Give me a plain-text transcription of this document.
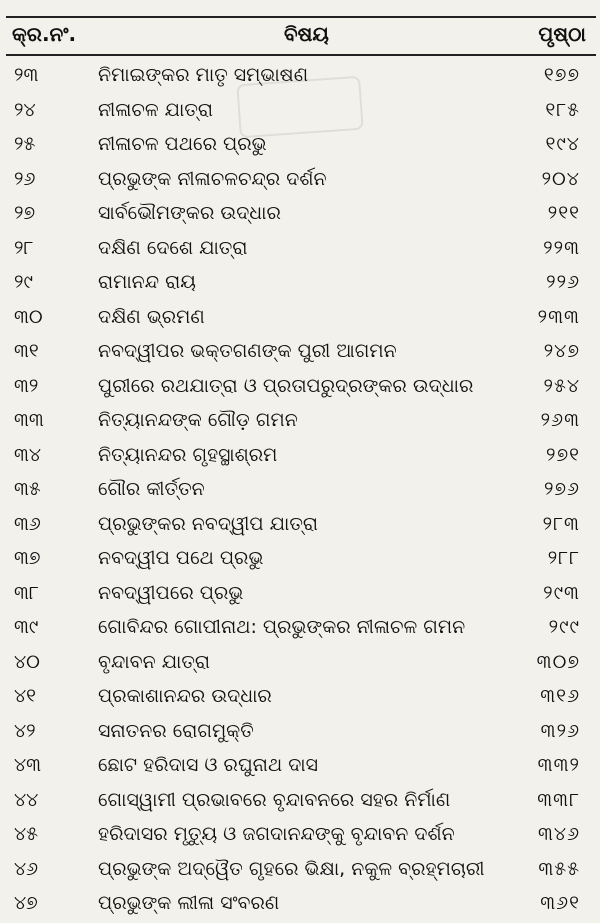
କ୍ର.ନଂ.	ବିଷୟ	ପୃଷ୍ଠା
୨୩	ନିମାଇଙ୍କର ମାତୃ ସମ୍ଭାଷଣ	୧୭୭
୨୪	ନୀଳାଚଳ ଯାତ୍ରା	୧୮୫
୨୫	ନୀଳାଚଳ ପଥରେ ପ୍ରଭୁ	୧୯୪
୨୬	ପ୍ରଭୁଙ୍କ ନୀଳାଚଳଚନ୍ଦ୍ର ଦର୍ଶନ	୨୦୪
୨୭	ସାର୍ବଭୌମଙ୍କର ଉଦ୍ଧାର	୨୧୧
୨୮	ଦକ୍ଷିଣ ଦେଶେ ଯାତ୍ରା	୨୨୩
୨୯	ରାମାନନ୍ଦ ରାୟ	୨୨୬
୩୦	ଦକ୍ଷିଣ ଭ୍ରମଣ	୨୩୩
୩୧	ନବଦ୍ୱୀପର ଭକ୍ତଗଣଙ୍କ ପୁରୀ ଆଗମନ	୨୪୭
୩୨	ପୁରୀରେ ରଥଯାତ୍ରା ଓ ପ୍ରତାପରୁଦ୍ରଙ୍କର ଉଦ୍ଧାର	୨୫୪
୩୩	ନିତ୍ୟାନନ୍ଦଙ୍କ ଗୌଡ଼ ଗମନ	୨୬୩
୩୪	ନିତ୍ୟାନନ୍ଦର ଗୃହସ୍ଥାଶ୍ରମ	୨୭୧
୩୫	ଗୌର କୀର୍ତ୍ତନ	୨୭୬
୩୬	ପ୍ରଭୁଙ୍କର ନବଦ୍ୱୀପ ଯାତ୍ରା	୨୮୩
୩୭	ନବଦ୍ୱୀପ ପଥେ ପ୍ରଭୁ	୨୮୮
୩୮	ନବଦ୍ୱୀପରେ ପ୍ରଭୁ	୨୯୩
୩୯	ଗୋବିନ୍ଦର ଗୋପୀନାଥ: ପ୍ରଭୁଙ୍କର ନୀଳାଚଳ ଗମନ	୨୯୯
୪୦	ବୃନ୍ଦାବନ ଯାତ୍ରା	୩୦୭
୪୧	ପ୍ରକାଶାନନ୍ଦର ଉଦ୍ଧାର	୩୧୬
୪୨	ସନାତନର ରୋଗମୁକ୍ତି	୩୨୬
୪୩	ଛୋଟ ହରିଦାସ ଓ ରଘୁନାଥ ଦାସ	୩୩୨
୪୪	ଗୋସ୍ୱାମୀ ପ୍ରଭାବରେ ବୃନ୍ଦାବନରେ ସହର ନିର୍ମାଣ	୩୩୮
୪୫	ହରିଦାସର ମୃତ୍ୟୁ ଓ ଜଗଦାନନ୍ଦଙ୍କୁ ବୃନ୍ଦାବନ ଦର୍ଶନ	୩୪୬
୪୬	ପ୍ରଭୁଙ୍କ ଅଦ୍ୱୈତ ଗୃହରେ ଭିକ୍ଷା, ନକୁଳ ବ୍ରହ୍ମଚାରୀ	୩୫୫
୪୭	ପ୍ରଭୁଙ୍କ ଲୀଳା ସଂବରଣ	୩୬୧
